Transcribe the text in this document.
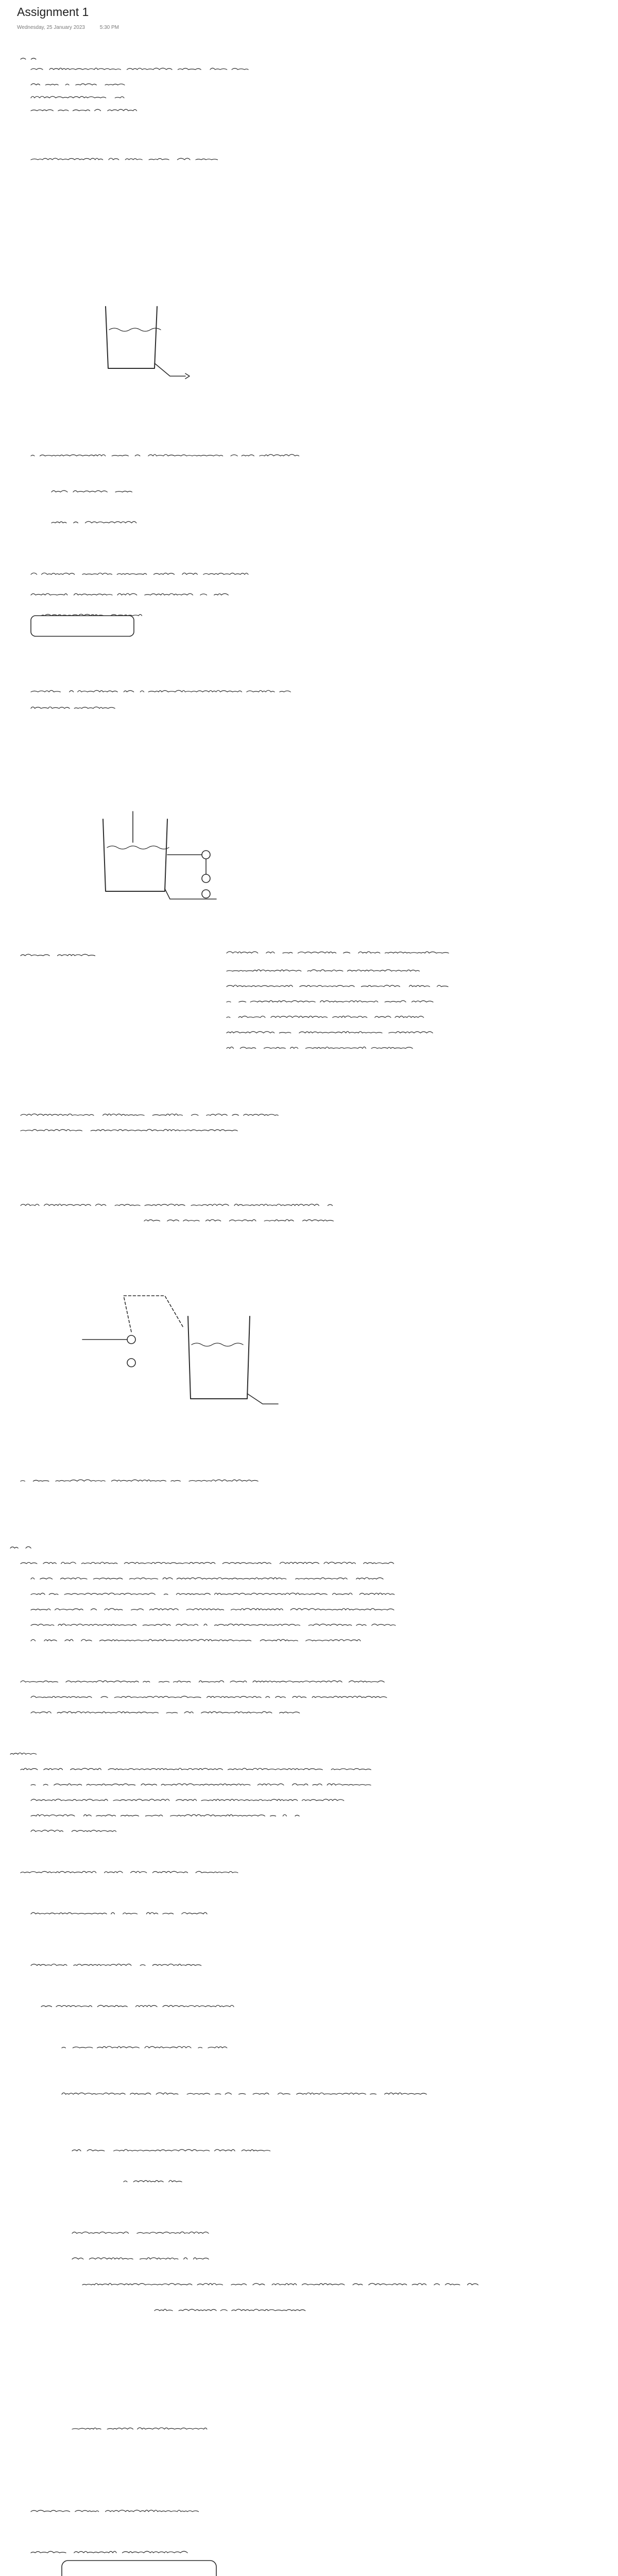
Assignment 1
Wednesday, 25 January 2023	5:30 PM
